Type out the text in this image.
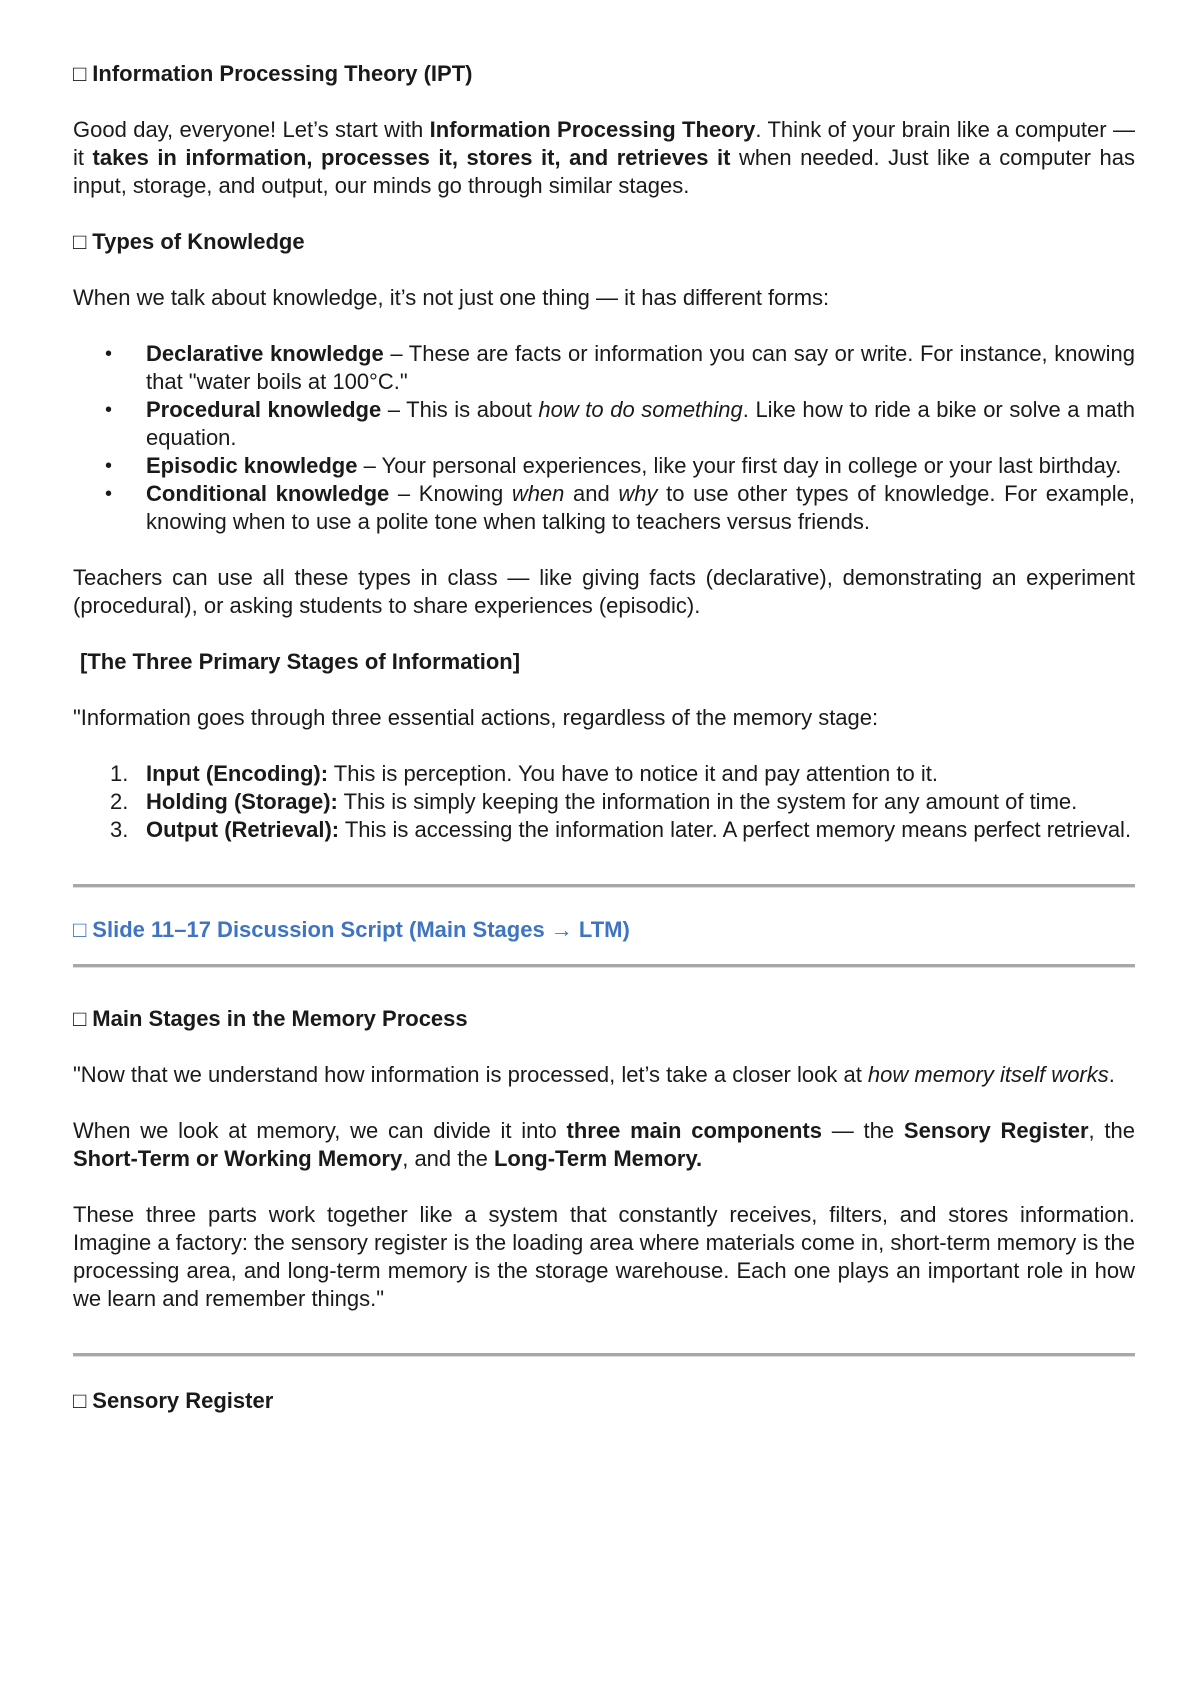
□ Information Processing Theory (IPT)

Good day, everyone! Let’s start with Information Processing Theory. Think of your brain like a computer — it takes in information, processes it, stores it, and retrieves it when needed. Just like a computer has input, storage, and output, our minds go through similar stages.

□ Types of Knowledge

When we talk about knowledge, it’s not just one thing — it has different forms:

• Declarative knowledge – These are facts or information you can say or write. For instance, knowing that "water boils at 100°C."
• Procedural knowledge – This is about how to do something. Like how to ride a bike or solve a math equation.
• Episodic knowledge – Your personal experiences, like your first day in college or your last birthday.
• Conditional knowledge – Knowing when and why to use other types of knowledge. For example, knowing when to use a polite tone when talking to teachers versus friends.

Teachers can use all these types in class — like giving facts (declarative), demonstrating an experiment (procedural), or asking students to share experiences (episodic).

[The Three Primary Stages of Information]

"Information goes through three essential actions, regardless of the memory stage:

1. Input (Encoding): This is perception. You have to notice it and pay attention to it.
2. Holding (Storage): This is simply keeping the information in the system for any amount of time.
3. Output (Retrieval): This is accessing the information later. A perfect memory means perfect retrieval.

□ Slide 11–17 Discussion Script (Main Stages → LTM)

□ Main Stages in the Memory Process

"Now that we understand how information is processed, let’s take a closer look at how memory itself works.

When we look at memory, we can divide it into three main components — the Sensory Register, the Short-Term or Working Memory, and the Long-Term Memory.

These three parts work together like a system that constantly receives, filters, and stores information. Imagine a factory: the sensory register is the loading area where materials come in, short-term memory is the processing area, and long-term memory is the storage warehouse. Each one plays an important role in how we learn and remember things."

□ Sensory Register
